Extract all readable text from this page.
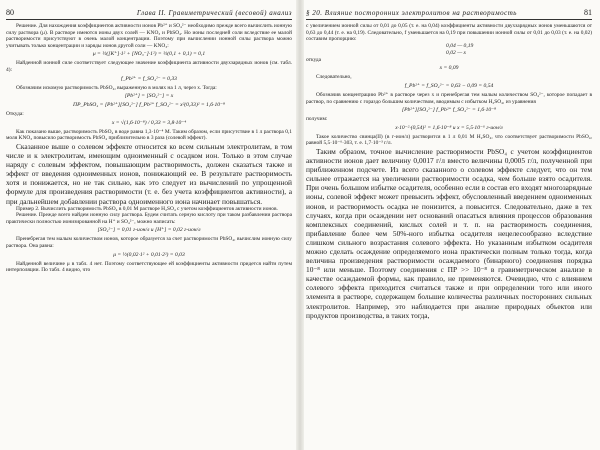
80	Глава II. Гравиметрический (весовой) анализ

Решение. Для нахождения коэффициентов активности ионов Pb²⁺ и SO₄²⁻ необходимо прежде всего вычислить ионную силу раствора (μ). В растворе имеются ионы двух солей — KNO₃ и PbSO₄. Но ионы последней соли вследствие ее малой растворимости присутствуют в очень малой концентрации. Поэтому при вычислении ионной силы раствора можно учитывать только концентрации и заряды ионов другой соли — KNO₃:

μ = ½([K⁺]·1² + [NO₃⁻]·1²) = ½(0,1 + 0,1) = 0,1

Найденной ионной силе соответствует следующее значение коэффициента активности двухзарядных ионов (см. табл. 4):

f_Pb²⁺ = f_SO₄²⁻ = 0,33

Обозначим искомую растворимость PbSO₄, выраженную в молях на 1 л, через x. Тогда:

[Pb²⁺] = [SO₄²⁻] = x
ПР_PbSO₄ = [Pb²⁺][SO₄²⁻] f_Pb²⁺ f_SO₄²⁻ = x²(0,33)² = 1,6·10⁻⁸

Откуда:

x = √(1,6·10⁻⁸) / 0,33 = 3,8·10⁻⁴

Как показано выше, растворимость PbSO₄ в воде равна 1,3·10⁻⁴ М. Таким образом, если присутствие в 1 л раствора 0,1 моля KNO₃ повысило растворимость PbSO₄ приблизительно в 3 раза (солевой эффект).

Сказанное выше о солевом эффекте относится ко всем сильным электролитам, в том числе и к электролитам, имеющим одноименный с осадком ион. Только в этом случае наряду с солевым эффектом, повышающим растворимость, должен сказаться также и эффект от введения одноименных ионов, понижающий ее. В результате растворимость хотя и понижается, но не так сильно, как это следует из вычислений по упрощенной формуле для произведения растворимости (т. е. без учета коэффициентов активности), а при дальнейшем добавлении раствора одноименного иона начинает повышаться.

Пример 2. Вычислить растворимость PbSO₄ в 0,01 М растворе H₂SO₄ с учетом коэффициентов активности ионов.

Решение. Прежде всего найдем ионную силу раствора. Будем считать серную кислоту при таком разбавлении раствора практически полностью ионизированной на H⁺ и SO₄²⁻, можно написать:

[SO₄²⁻] = 0,01 г-ион/л и [H⁺] = 0,02 г-ион/л

Пренебрегая тем малым количеством ионов, которое образуется за счет растворимости PbSO₄, вычислим ионную силу раствора. Она равна:

μ = ½(0,02·1² + 0,01·2²) = 0,03

Найденной величине μ в табл. 4 нет. Поэтому соответствующее ей коэффициенты активности придется найти путем интерполяции. По табл. 4 видно, что

§ 20. Влияние посторонних электролитов на растворимость	81

с увеличением ионной силы от 0,01 до 0,05 (т. е. на 0,04) коэффициенты активности двухзарядных ионов уменьшаются от 0,63 до 0,44 (т. е. на 0,19). Следовательно, f уменьшается на 0,19 при повышении ионной силы от 0,01 до 0,03 (т. е. на 0,02) составим пропорцию:

0,04 — 0,19
0,02 — x

откуда

x = 0,09

Следовательно,

f_Pb²⁺ = f_SO₄²⁻ = 0,63 − 0,09 = 0,54

Обозначив концентрацию Pb²⁺ в растворе через x и пренебрегая тем малым количеством SO₄²⁻, которое попадает в раствор, по сравнению с гораздо большим количеством, вводимым с избытком H₂SO₄, из уравнения

[Pb²⁺][SO₄²⁻] f_Pb²⁺ f_SO₄²⁻ = 1,6·10⁻⁸

получим:

x·10⁻²·(0,54)² = 1,6·10⁻⁸ и x = 5,5·10⁻⁶ г-ион/л

Такое количество свинца(II) (в г-ион/л) растворится в 1 л 0,01 М H₂SO₄, что соответствует растворимости PbSO₄, равной 5,5·10⁻⁶·303, т. е. 1,7·10⁻³ г/л.

Таким образом, точное вычисление растворимости PbSO₄ с учетом коэффициентов активности ионов дает величину 0,0017 г/л вместо величины 0,0005 г/л, полученной при приближенном подсчете. Из всего сказанного о солевом эффекте следует, что он тем сильнее отражается на увеличении растворимости осадка, чем больше взято осадителя. При очень большом избытке осадителя, особенно если в состав его входят многозарядные ионы, солевой эффект может превысить эффект, обусловленный введением одноименных ионов, и растворимость осадка не понизится, а повысится. Следовательно, даже в тех случаях, когда при осаждении нет оснований опасаться влияния процессов образования комплексных соединений, кислых солей и т. п. на растворимость соединения, прибавление более чем 50%-ного избытка осадителя нецелесообразно вследствие слишком сильного возрастания солевого эффекта. Но указанным избытком осадителя можно сделать осаждение определяемого иона практически полным только тогда, когда величина произведения растворимости осаждаемого (бинарного) соединения порядка 10⁻⁸ или меньше. Поэтому соединения с ПР >> 10⁻⁸ в гравиметрическом анализе в качестве осаждаемой формы, как правило, не применяются. Очевидно, что с влиянием солевого эффекта приходится считаться также и при определении того или иного элемента в растворе, содержащем большие количества различных посторонних сильных электролитов. Например, это наблюдается при анализе природных объектов или продуктов производства, в таких тогда,
